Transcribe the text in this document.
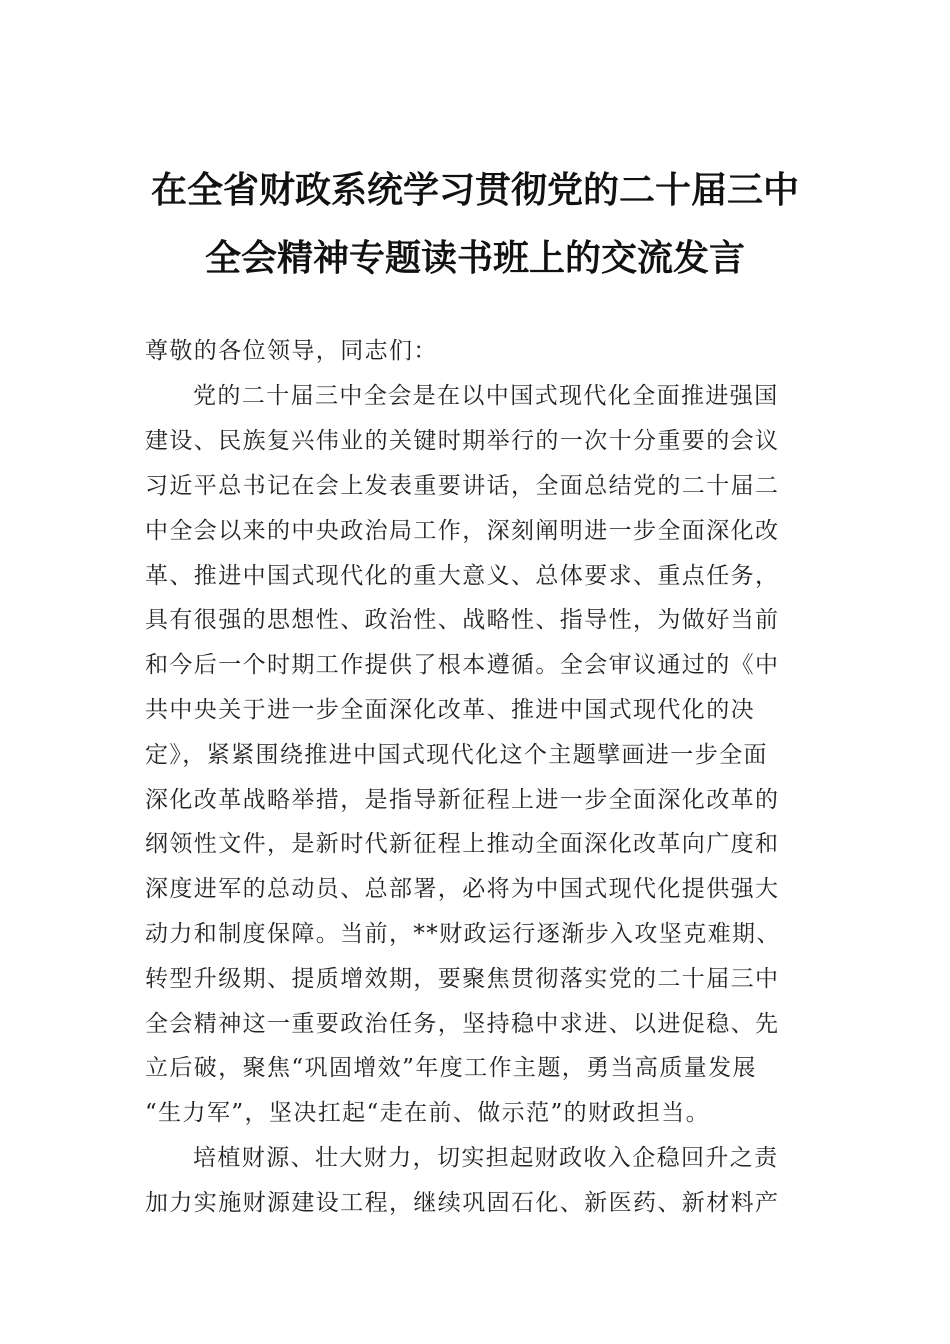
在全省财政系统学习贯彻党的二十届三中
全会精神专题读书班上的交流发言
尊敬的各位领导，同志们：
党的二十届三中全会是在以中国式现代化全面推进强国
建设、民族复兴伟业的关键时期举行的一次十分重要的会议
习近平总书记在会上发表重要讲话，全面总结党的二十届二
中全会以来的中央政治局工作，深刻阐明进一步全面深化改
革、推进中国式现代化的重大意义、总体要求、重点任务，
具有很强的思想性、政治性、战略性、指导性，为做好当前
和今后一个时期工作提供了根本遵循。全会审议通过的《中
共中央关于进一步全面深化改革、推进中国式现代化的决
定》，紧紧围绕推进中国式现代化这个主题擘画进一步全面
深化改革战略举措，是指导新征程上进一步全面深化改革的
纲领性文件，是新时代新征程上推动全面深化改革向广度和
深度进军的总动员、总部署，必将为中国式现代化提供强大
动力和制度保障。当前，**财政运行逐渐步入攻坚克难期、
转型升级期、提质增效期，要聚焦贯彻落实党的二十届三中
全会精神这一重要政治任务，坚持稳中求进、以进促稳、先
立后破，聚焦“巩固增效”年度工作主题，勇当高质量发展
“生力军”，坚决扛起“走在前、做示范”的财政担当。
培植财源、壮大财力，切实担起财政收入企稳回升之责
加力实施财源建设工程，继续巩固石化、新医药、新材料产
